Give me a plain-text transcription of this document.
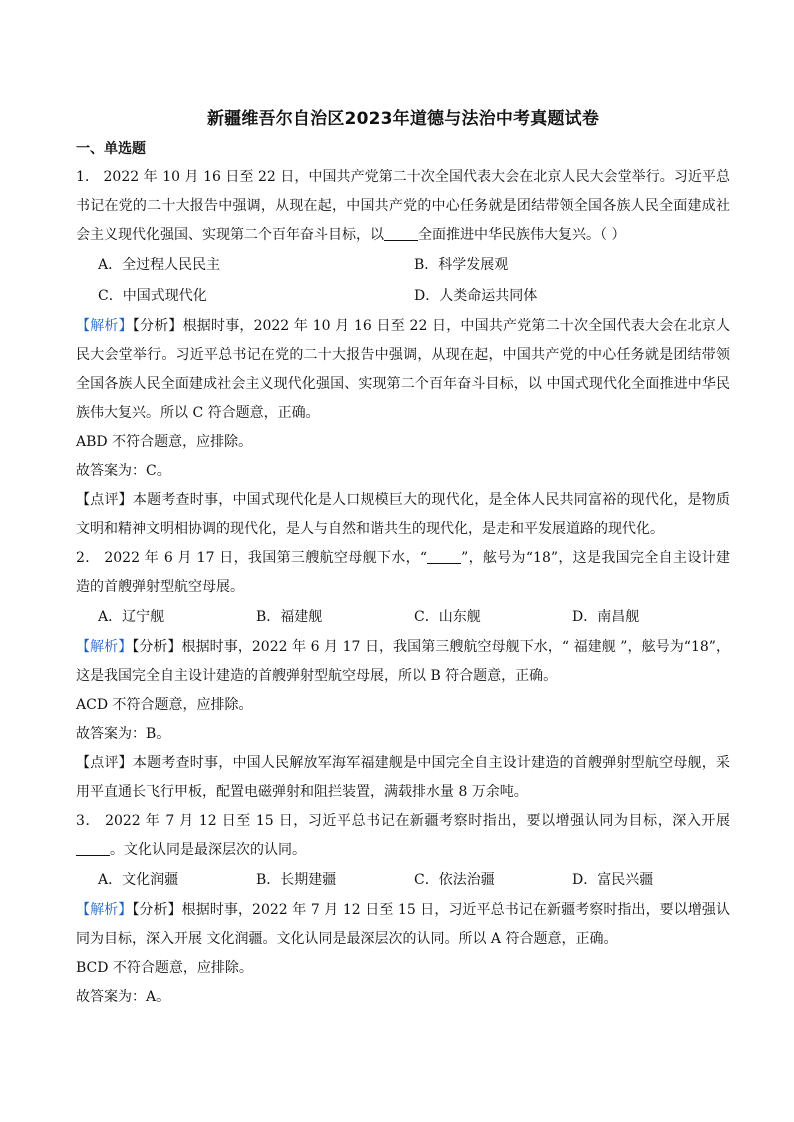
新疆维吾尔自治区2023年道德与法治中考真题试卷
一、单选题

1． 2022 年 10 月 16 日至 22 日，中国共产党第二十次全国代表大会在北京人民大会堂举行。习近平总书记在党的二十大报告中强调，从现在起，中国共产党的中心任务就是团结带领全国各族人民全面建成社会主义现代化强国、实现第二个百年奋斗目标，以 全面推进中华民族伟大复兴。（ ）

A．全过程人民民主	B．科学发展观
C．中国式现代化	D．人类命运共同体

【解析】【分析】根据时事，2022 年 10 月 16 日至 22 日，中国共产党第二十次全国代表大会在北京人民大会堂举行。习近平总书记在党的二十大报告中强调，从现在起，中国共产党的中心任务就是团结带领全国各族人民全面建成社会主义现代化强国、实现第二个百年奋斗目标，以 中国式现代化全面推进中华民族伟大复兴。所以 C 符合题意，正确。

ABD 不符合题意，应排除。

故答案为：C。

【点评】本题考查时事，中国式现代化是人口规模巨大的现代化，是全体人民共同富裕的现代化，是物质文明和精神文明相协调的现代化，是人与自然和谐共生的现代化，是走和平发展道路的现代化。

2． 2022 年 6 月 17 日，我国第三艘航空母舰下水，“ ”，舷号为“18”，这是我国完全自主设计建造的首艘弹射型航空母展。

A．辽宁舰	B．福建舰	C．山东舰	D．南昌舰

【解析】【分析】根据时事，2022 年 6 月 17 日，我国第三艘航空母舰下水，“ 福建舰 ”，舷号为“18”，这是我国完全自主设计建造的首艘弹射型航空母展，所以 B 符合题意，正确。

ACD 不符合题意，应排除。

故答案为：B。

【点评】本题考查时事，中国人民解放军海军福建舰是中国完全自主设计建造的首艘弹射型航空母舰，采用平直通长飞行甲板，配置电磁弹射和阻拦装置，满载排水量 8 万余吨。

3． 2022 年 7 月 12 日至 15 日，习近平总书记在新疆考察时指出，要以增强认同为目标，深入开展。文化认同是最深层次的认同。

A．文化润疆	B．长期建疆	C．依法治疆	D．富民兴疆

【解析】【分析】根据时事，2022 年 7 月 12 日至 15 日，习近平总书记在新疆考察时指出，要以增强认同为目标，深入开展 文化润疆。文化认同是最深层次的认同。所以 A 符合题意，正确。

BCD 不符合题意，应排除。

故答案为：A。
